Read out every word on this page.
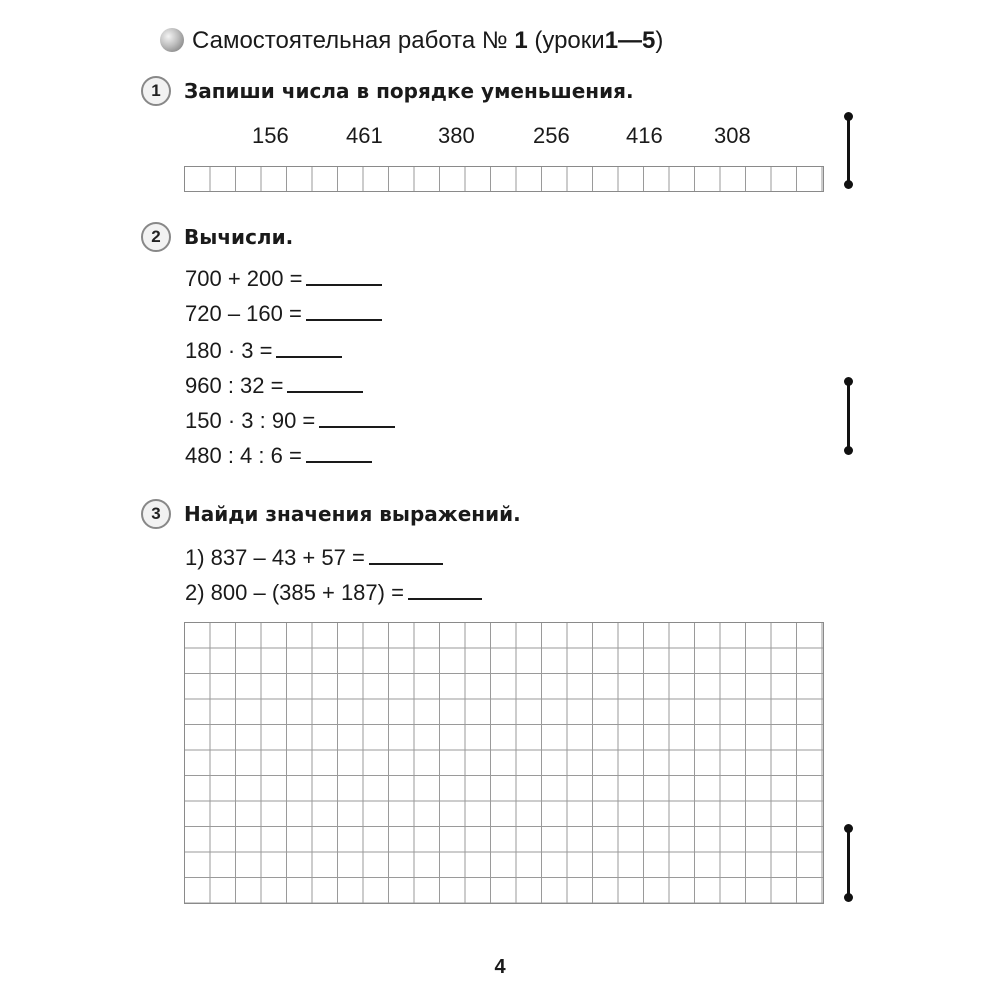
Самостоятельная работа № 1 (уроки1—5)
1	Запиши числа в порядке уменьшения.
156	461	380	256	416 308
2	Вычисли.
700 + 200 =
720 – 160 =
180 · 3 =
960 : 32 =
150 · 3 : 90 =
480 : 4 : 6 =
3	Найди значения выражений.
1) 837 – 43 + 57 =
2) 800 – (385 + 187) =
4
